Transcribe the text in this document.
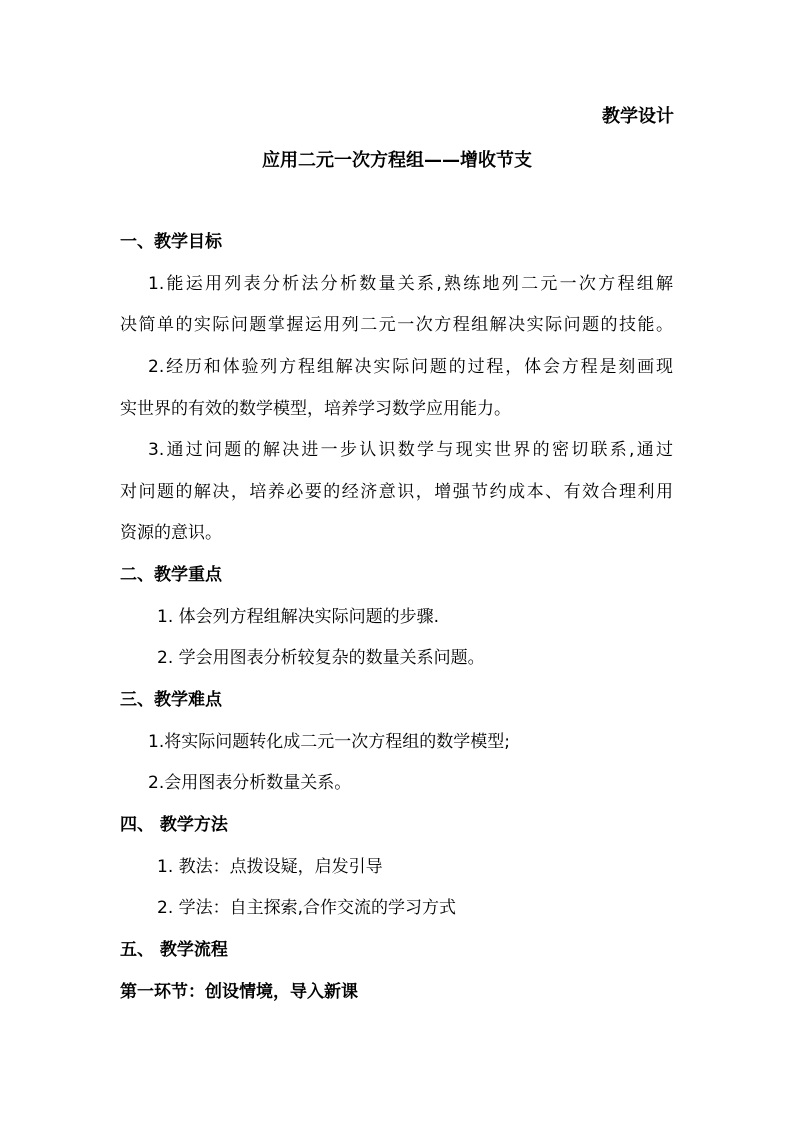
教学设计
应用二元一次方程组——增收节支
一、教学目标
1.能运用列表分析法分析数量关系,熟练地列二元一次方程组解
决简单的实际问题掌握运用列二元一次方程组解决实际问题的技能。
2.经历和体验列方程组解决实际问题的过程，体会方程是刻画现
实世界的有效的数学模型，培养学习数学应用能力。
3.通过问题的解决进一步认识数学与现实世界的密切联系,通过
对问题的解决，培养必要的经济意识，增强节约成本、有效合理利用
资源的意识。
二、教学重点
1. 体会列方程组解决实际问题的步骤.
2. 学会用图表分析较复杂的数量关系问题。
三、教学难点
1.将实际问题转化成二元一次方程组的数学模型;
2.会用图表分析数量关系。
四、 教学方法
1. 教法：点拨设疑，启发引导
2. 学法：自主探索,合作交流的学习方式
五、 教学流程
第一环节：创设情境，导入新课
